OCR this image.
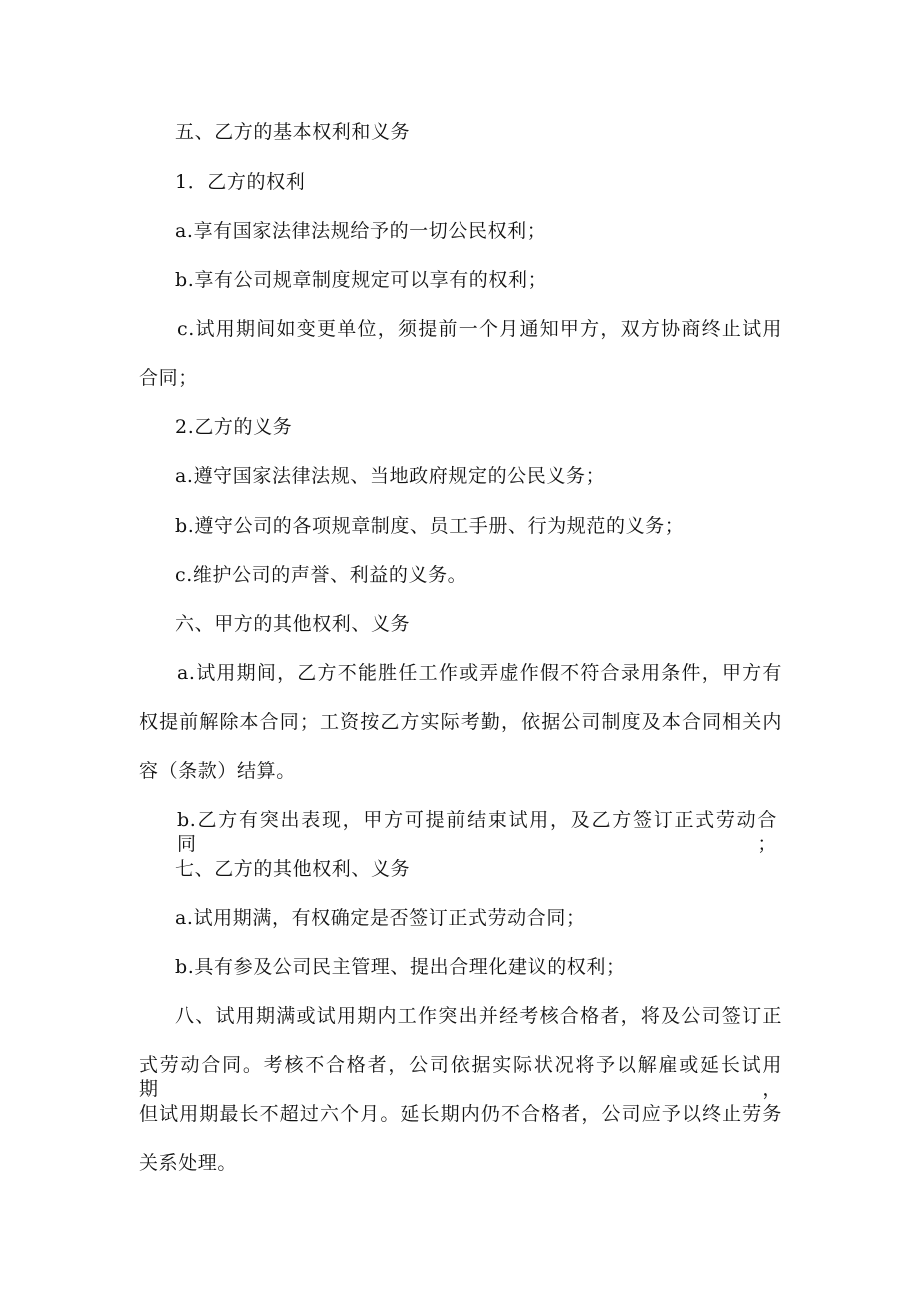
五、乙方的基本权利和义务
1．乙方的权利
a.享有国家法律法规给予的一切公民权利；
b.享有公司规章制度规定可以享有的权利；
c.试用期间如变更单位，须提前一个月通知甲方，双方协商终止试用
合同；
2.乙方的义务
a.遵守国家法律法规、当地政府规定的公民义务；
b.遵守公司的各项规章制度、员工手册、行为规范的义务；
c.维护公司的声誉、利益的义务。
六、甲方的其他权利、义务
a.试用期间，乙方不能胜任工作或弄虚作假不符合录用条件，甲方有
权提前解除本合同；工资按乙方实际考勤，依据公司制度及本合同相关内
容（条款）结算。
b.乙方有突出表现，甲方可提前结束试用，及乙方签订正式劳动合同；
七、乙方的其他权利、义务
a.试用期满，有权确定是否签订正式劳动合同；
b.具有参及公司民主管理、提出合理化建议的权利；
八、试用期满或试用期内工作突出并经考核合格者，将及公司签订正
式劳动合同。考核不合格者，公司依据实际状况将予以解雇或延长试用期，
但试用期最长不超过六个月。延长期内仍不合格者，公司应予以终止劳务
关系处理。
